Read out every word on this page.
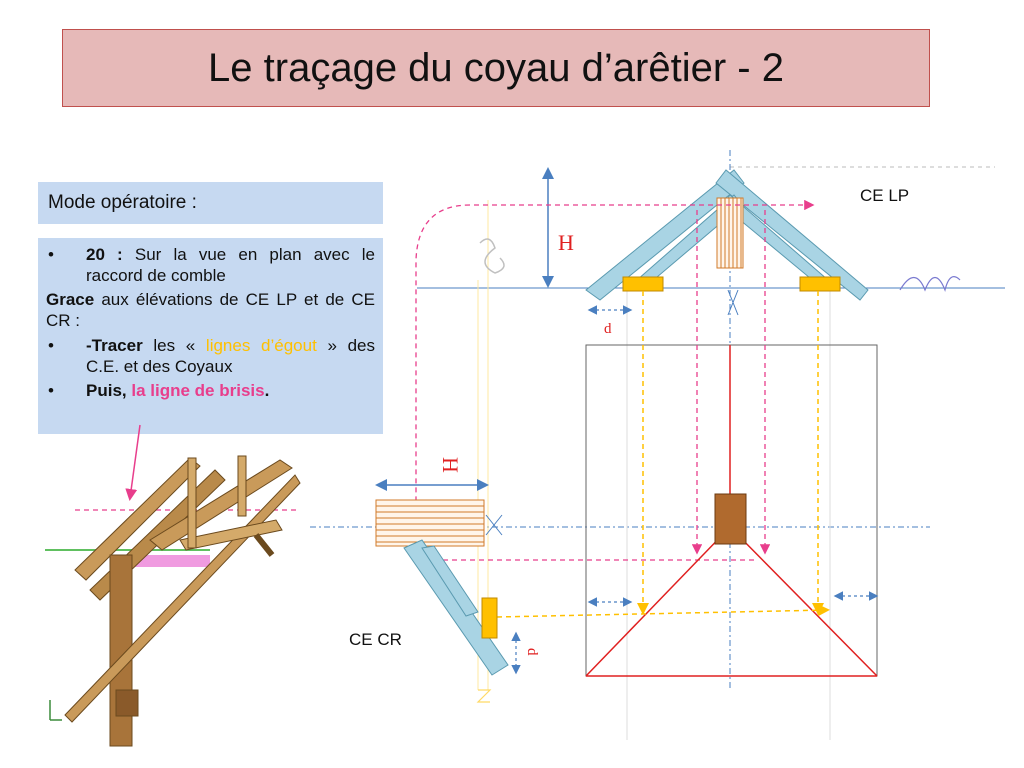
Le traçage du coyau d’arêtier - 2
Mode opératoire :

•	20 : Sur la vue en plan avec le raccord de comble

Grace aux élévations de CE LP et de CE CR :

•	-Tracer les « lignes d’égout » des C.E. et des Coyaux

•	Puis, la ligne de brisis.

H
d
H
d
CE LP
CE CR
